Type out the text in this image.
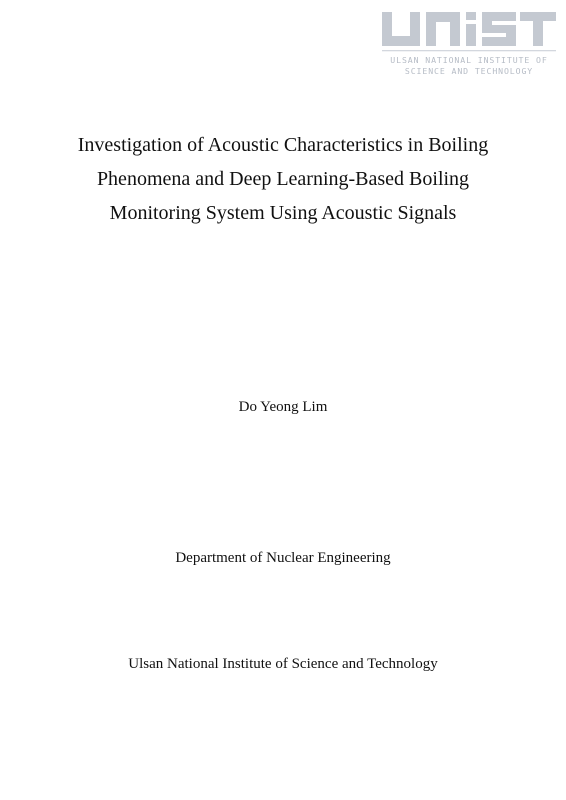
ULSAN NATIONAL INSTITUTE OF
SCIENCE AND TECHNOLOGY
Investigation of Acoustic Characteristics in Boiling
Phenomena and Deep Learning-Based Boiling
Monitoring System Using Acoustic Signals

Do Yeong Lim

Department of Nuclear Engineering

Ulsan National Institute of Science and Technology
